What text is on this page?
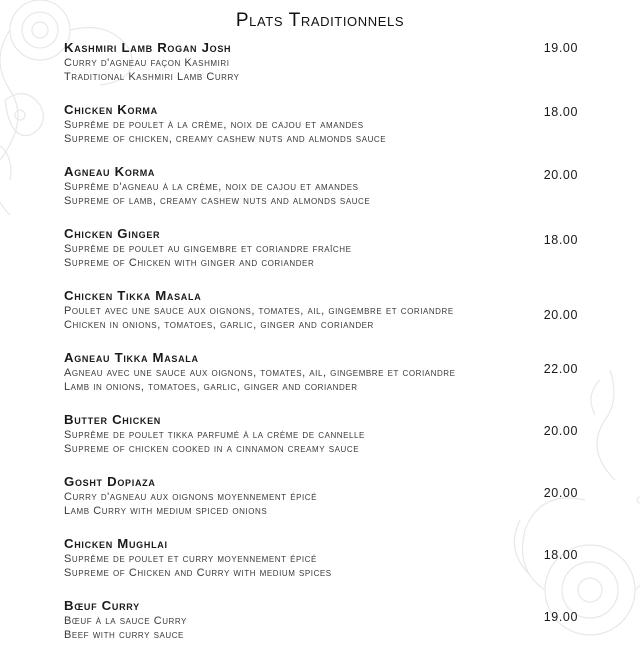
Plats Traditionnels

Kashmiri Lamb Rogan Josh

Curry d'agneau façon Kashmiri

Traditional Kashmiri Lamb Curry

19.00

Chicken Korma

Suprême de poulet à la crème, noix de cajou et amandes

Supreme of chicken, creamy cashew nuts and almonds sauce

18.00

Agneau Korma

Suprême d'agneau à la crème, noix de cajou et amandes

Supreme of lamb, creamy cashew nuts and almonds sauce

20.00

Chicken Ginger

Suprême de poulet au gingembre et coriandre fraîche

Supreme of Chicken with ginger and coriander

18.00

Chicken Tikka Masala

Poulet avec une sauce aux oignons, tomates, ail, gingembre et coriandre

Chicken in onions, tomatoes, garlic, ginger and coriander

20.00

Agneau Tikka Masala

Agneau avec une sauce aux oignons, tomates, ail, gingembre et coriandre

Lamb in onions, tomatoes, garlic, ginger and coriander

22.00

Butter Chicken

Suprême de poulet tikka parfumé à la crème de cannelle

Supreme of chicken cooked in a cinnamon creamy sauce

20.00

Gosht Dopiaza

Curry d'agneau aux oignons moyennement épicé

Lamb Curry with medium spiced onions

20.00

Chicken Mughlai

Suprême de poulet et curry moyennement épicé

Supreme of Chicken and Curry with medium spices

18.00

Bœuf Curry

Bœuf à la sauce Curry

Beef with curry sauce

19.00
